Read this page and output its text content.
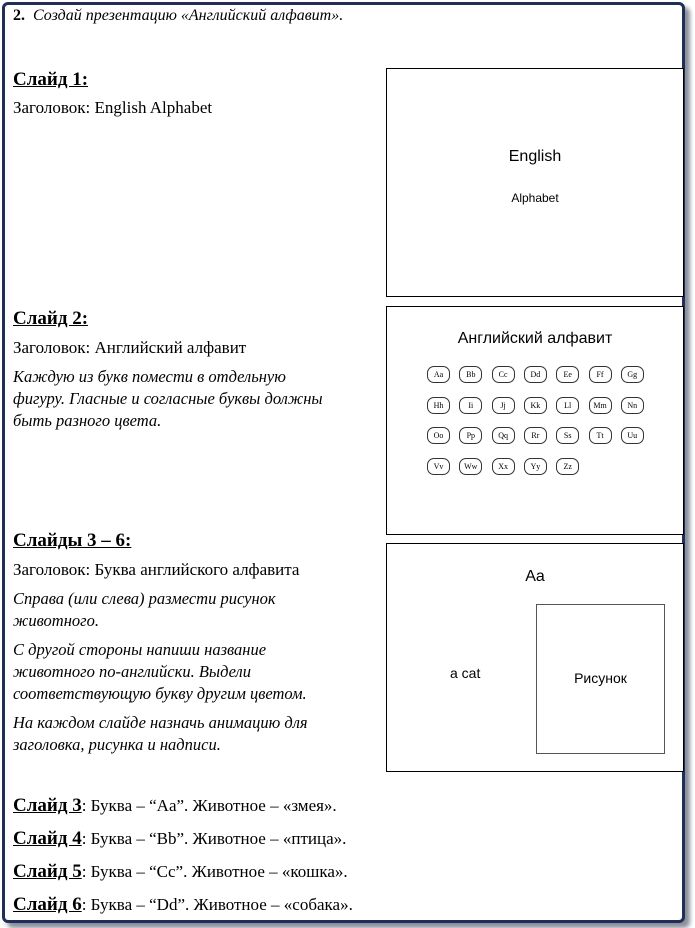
2. Создай презентацию «Английский алфавит».
Слайд 1:
Заголовок: English Alphabet
English
Alphabet
Слайд 2:
Заголовок: Английский алфавит
Каждую из букв помести в отдельную
фигуру. Гласные и согласные буквы должны
быть разного цвета.
Английский алфавит
Aa	Bb	Cc	Dd	Ee	Ff	Gg
Hh	Ii	Jj	Kk	Ll	Mm	Nn
Oo	Pp	Qq	Rr	Ss	Tt	Uu
Vv	Ww	Xx	Yy	Zz
Слайды 3 – 6:
Заголовок: Буква английского алфавита
Справа (или слева) размести рисунок
животного.
С другой стороны напиши название
животного по-английски. Выдели
соответствующую букву другим цветом.
На каждом слайде назначь анимацию для
заголовка, рисунка и надписи.
Aa
a cat	Рисунок
Слайд 3: Буква – “Aa”. Животное – «змея».
Слайд 4: Буква – “Bb”. Животное – «птица».
Слайд 5: Буква – “Cc”. Животное – «кошка».
Слайд 6: Буква – “Dd”. Животное – «собака».
